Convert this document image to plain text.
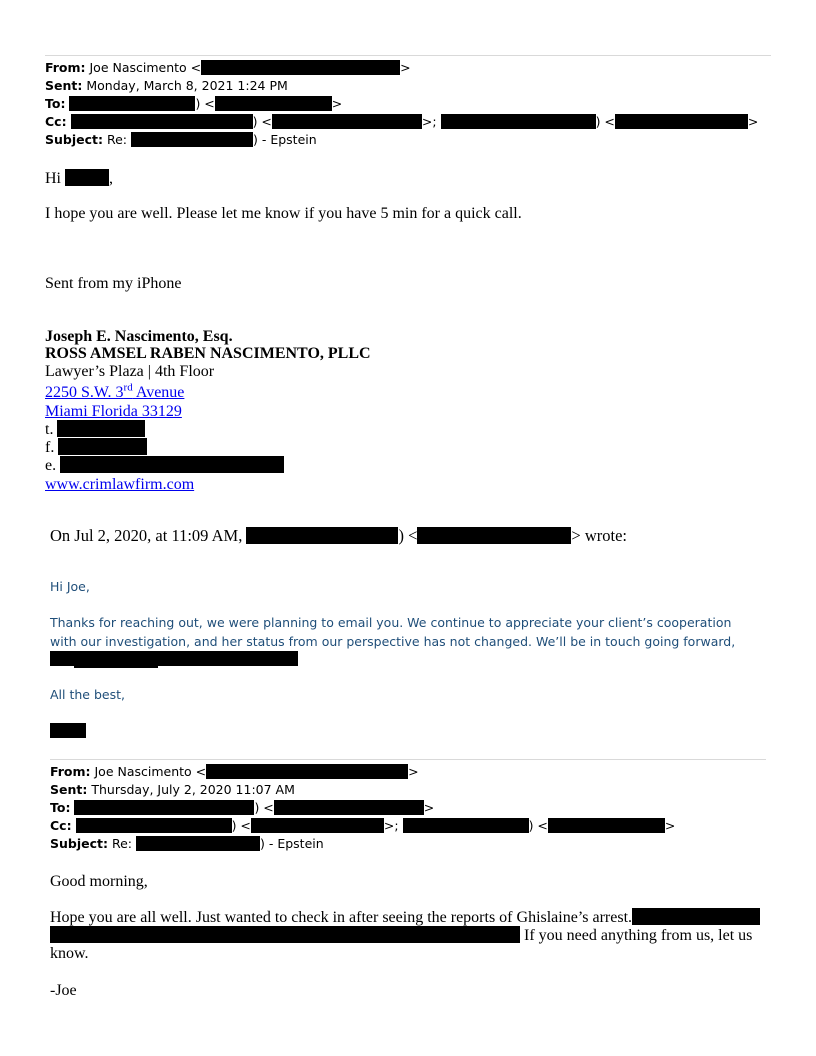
From: Joe Nascimento <	>
Sent: Monday, March 8, 2021 1:24 PM
To:	) <	>
Cc:	) <	>;	) <	>
Subject: Re:	) - Epstein
Hi	,
I hope you are well. Please let me know if you have 5 min for a quick call.
Sent from my iPhone
Joseph E. Nascimento, Esq.
ROSS AMSEL RABEN NASCIMENTO, PLLC
Lawyer’s Plaza | 4th Floor
2250 S.W. 3rd Avenue
Miami Florida 33129
t.
f.
e.
www.crimlawfirm.com
On Jul 2, 2020, at 11:09 AM,	) <	> wrote:
Hi Joe,
Thanks for reaching out, we were planning to email you. We continue to appreciate your client’s cooperation with our investigation, and her status from our perspective has not changed. We’ll be in touch going forward,
All the best,
From: Joe Nascimento <	>
Sent: Thursday, July 2, 2020 11:07 AM
To:	) <	>
Cc:	) <	>;	) <	>
Subject: Re:	) - Epstein
Good morning,
Hope you are all well. Just wanted to check in after seeing the reports of Ghislaine’s arrest.
If you need anything from us, let us
know.
-Joe
